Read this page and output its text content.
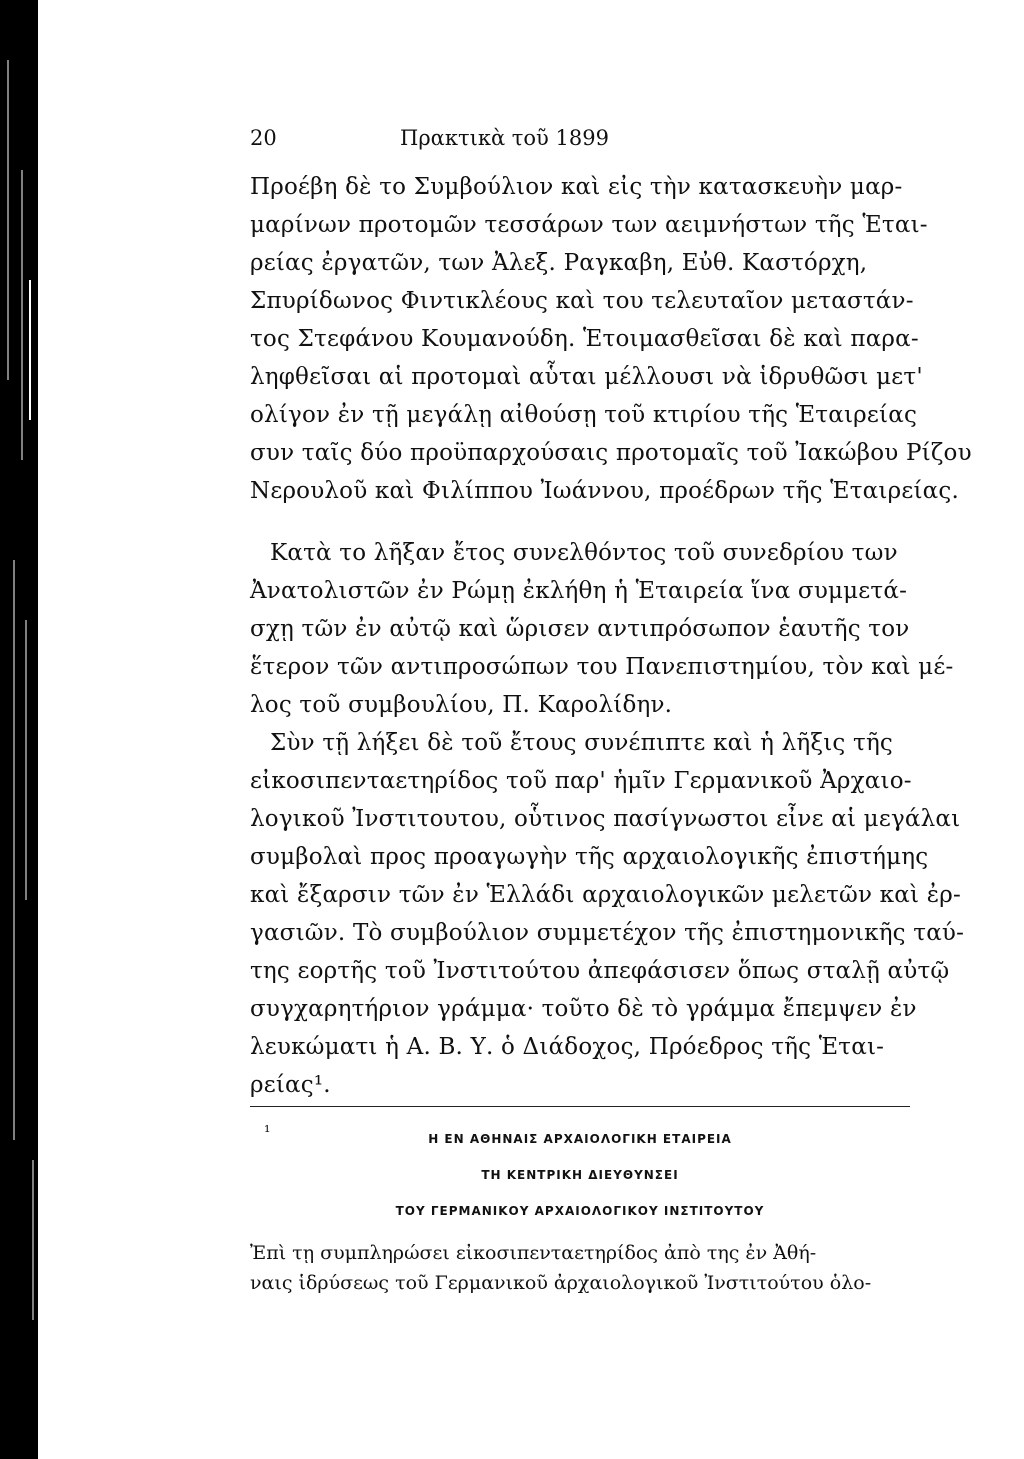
20	Πρακτικὰ τοῦ 1899
Προέβη δὲ το Συμβούλιον καὶ εἰς τὴν κατασκευὴν μαρ-
μαρίνων προτομῶν τεσσάρων των αειμνήστων τῆς Ἑται-
ρείας ἐργατῶν, των Ἀλεξ. Ραγκαβη, Εὐθ. Καστόρχη,
Σπυρίδωνος Φιντικλέους καὶ του τελευταῖον μεταστάν-
τος Στεφάνου Κουμανούδη. Ἑτοιμασθεῖσαι δὲ καὶ παρα-
ληφθεῖσαι αἱ προτομαὶ αὗται μέλλουσι νὰ ἱδρυθῶσι μετ'
ολίγον ἐν τῇ μεγάλῃ αἰθούσῃ τοῦ κτιρίου τῆς Ἑταιρείας
συν ταῖς δύο προϋπαρχούσαις προτομαῖς τοῦ Ἰακώβου Ρίζου
Νερουλοῦ καὶ Φιλίππου Ἰωάννου, προέδρων τῆς Ἑταιρείας.
Κατὰ το λῆξαν ἔτος συνελθόντος τοῦ συνεδρίου των
Ἀνατολιστῶν ἐν Ρώμῃ ἐκλήθη ἡ Ἑταιρεία ἵνα συμμετά-
σχῃ τῶν ἐν αὐτῷ καὶ ὥρισεν αντιπρόσωπον ἑαυτῆς τον
ἕτερον τῶν αντιπροσώπων του Πανεπιστημίου, τὸν καὶ μέ-
λος τοῦ συμβουλίου, Π. Καρολίδην.
Σὺν τῇ λήξει δὲ τοῦ ἔτους συνέπιπτε καὶ ἡ λῆξις τῆς
εἰκοσιπενταετηρίδος τοῦ παρ' ἡμῖν Γερμανικοῦ Ἀρχαιο-
λογικοῦ Ἰνστιτουτου, οὗτινος πασίγνωστοι εἶνε αἱ μεγάλαι
συμβολαὶ προς προαγωγὴν τῆς αρχαιολογικῆς ἐπιστήμης
καὶ ἔξαρσιν τῶν ἐν Ἑλλάδι αρχαιολογικῶν μελετῶν καὶ ἐρ-
γασιῶν. Τὸ συμβούλιον συμμετέχον τῆς ἐπιστημονικῆς ταύ-
της εορτῆς τοῦ Ἰνστιτούτου ἀπεφάσισεν ὅπως σταλῇ αὐτῷ
συγχαρητήριον γράμμα· τοῦτο δὲ τὸ γράμμα ἔπεμψεν ἐν
λευκώματι ἡ Α. Β. Υ. ὁ Διάδοχος, Πρόεδρος τῆς Ἑται-
ρείας¹.
¹	Η ΕΝ ΑΘΗΝΑΙΣ ΑΡΧΑΙΟΛΟΓΙΚΗ ΕΤΑΙΡΕΙΑ
ΤΗ ΚΕΝΤΡΙΚΗ ΔΙΕΥΘΥΝΣΕΙ
ΤΟΥ ΓΕΡΜΑΝΙΚΟΥ ΑΡΧΑΙΟΛΟΓΙΚΟΥ ΙΝΣΤΙΤΟΥΤΟΥ
Ἐπὶ τῃ συμπληρώσει εἰκοσιπενταετηρίδος ἀπὸ της ἐν Ἀθή-
ναις ἱδρύσεως τοῦ Γερμανικοῦ ἀρχαιολογικοῦ Ἰνστιτούτου ὁλο-
